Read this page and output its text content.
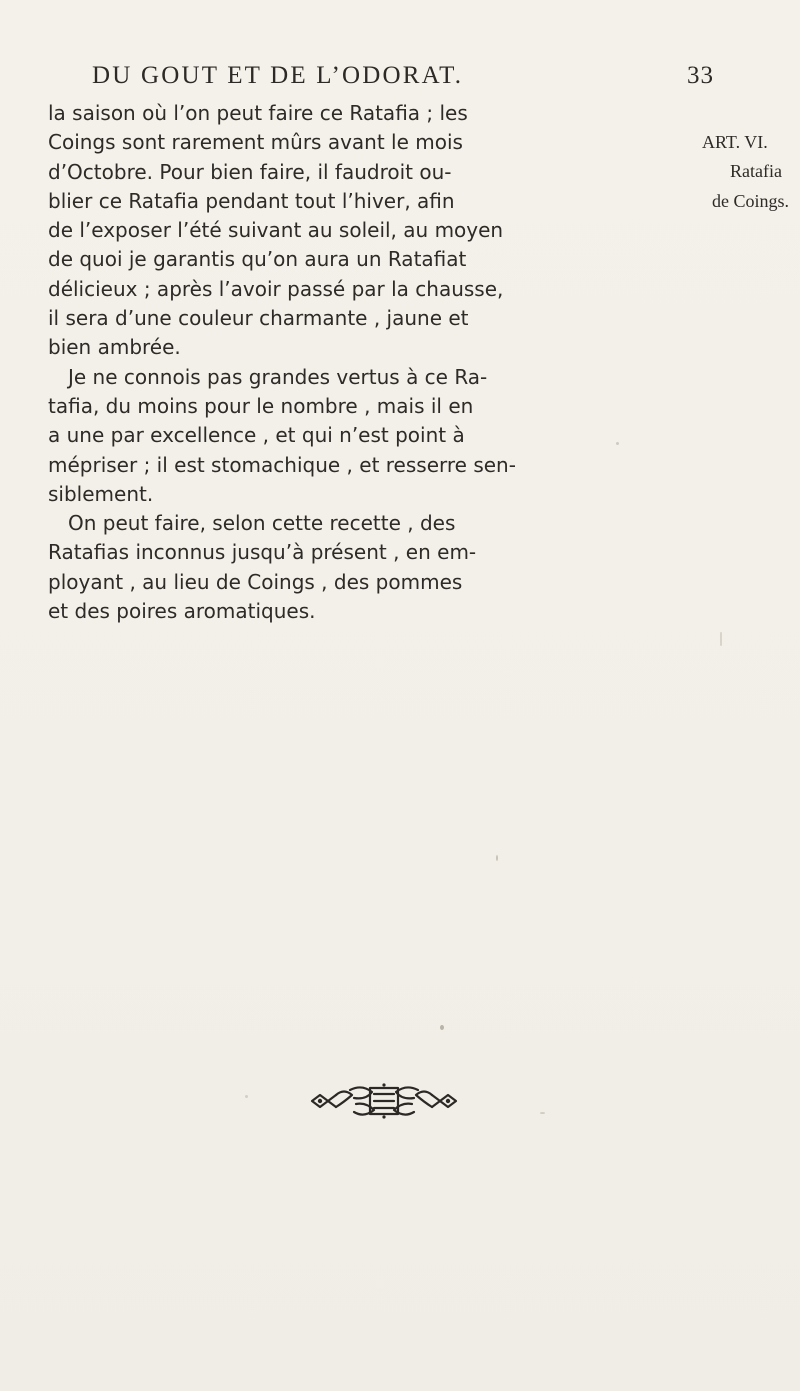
DU GOUT ET DE L’ODORAT.	33
la saison où l’on peut faire ce Ratafia ; les
Coings sont rarement mûrs avant le mois
d’Octobre. Pour bien faire, il faudroit ou-
blier ce Ratafia pendant tout l’hiver, afin
de l’exposer l’été suivant au soleil, au moyen
de quoi je garantis qu’on aura un Ratafiat
délicieux ; après l’avoir passé par la chausse,
il sera d’une couleur charmante , jaune et
bien ambrée.
Je ne connois pas grandes vertus à ce Ra-
tafia, du moins pour le nombre , mais il en
a une par excellence , et qui n’est point à
mépriser ; il est stomachique , et resserre sen-
siblement.
On peut faire, selon cette recette , des
Ratafias inconnus jusqu’à présent , en em-
ployant , au lieu de Coings , des pommes
et des poires aromatiques.
ART. VI.
Ratafia
de Coings.
